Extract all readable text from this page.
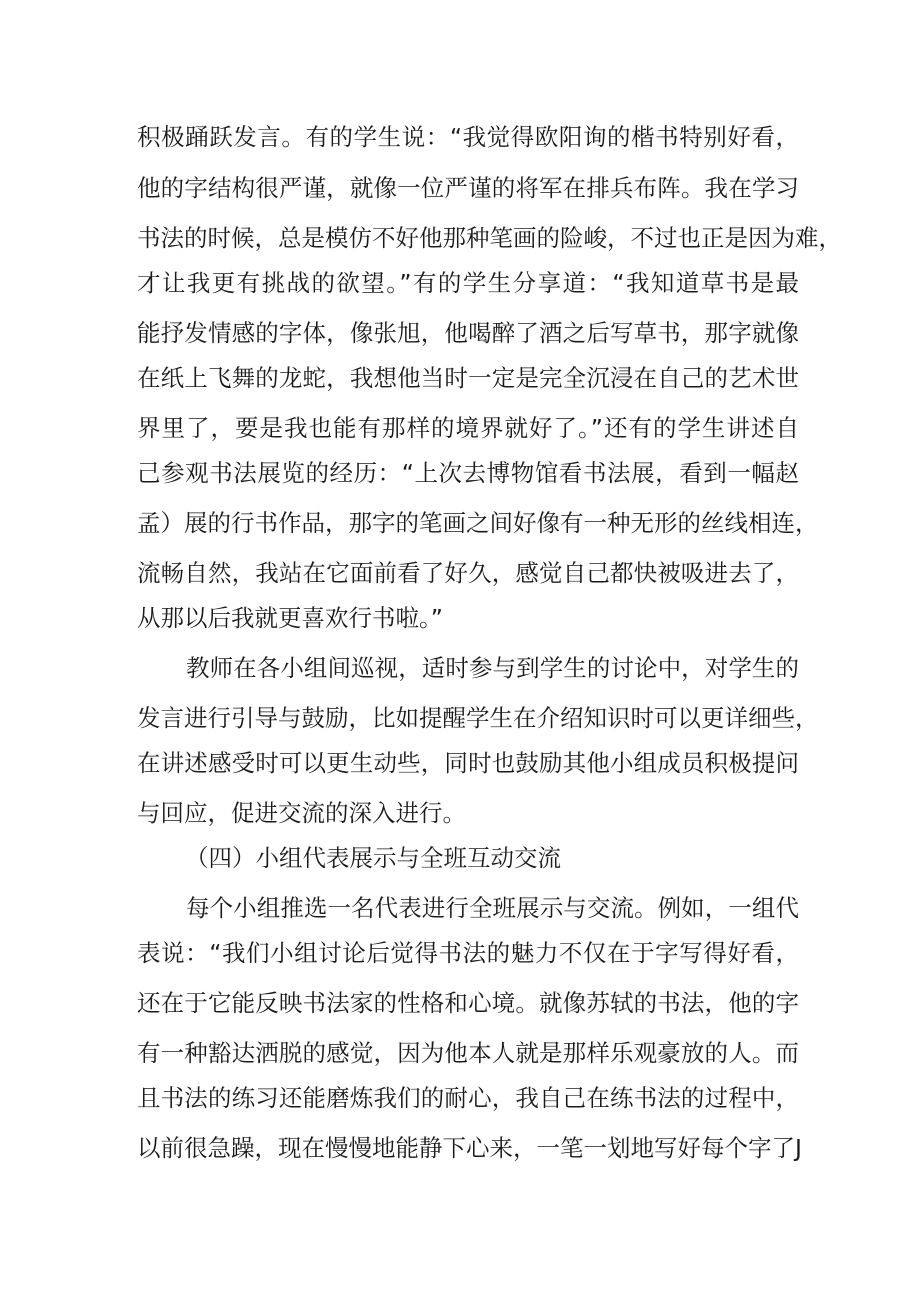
积极踊跃发言。有的学生说：“我觉得欧阳询的楷书特别好看，

他的字结构很严谨，就像一位严谨的将军在排兵布阵。我在学习

书法的时候，总是模仿不好他那种笔画的险峻，不过也正是因为难，

才让我更有挑战的欲望。”有的学生分享道：“我知道草书是最

能抒发情感的字体，像张旭，他喝醉了酒之后写草书，那字就像

在纸上飞舞的龙蛇，我想他当时一定是完全沉浸在自己的艺术世

界里了，要是我也能有那样的境界就好了。”还有的学生讲述自

己参观书法展览的经历：“上次去博物馆看书法展，看到一幅赵

孟）展的行书作品，那字的笔画之间好像有一种无形的丝线相连，

流畅自然，我站在它面前看了好久，感觉自己都快被吸进去了，

从那以后我就更喜欢行书啦。”

教师在各小组间巡视，适时参与到学生的讨论中，对学生的

发言进行引导与鼓励，比如提醒学生在介绍知识时可以更详细些，

在讲述感受时可以更生动些，同时也鼓励其他小组成员积极提问

与回应，促进交流的深入进行。

（四）小组代表展示与全班互动交流

每个小组推选一名代表进行全班展示与交流。例如，一组代

表说：“我们小组讨论后觉得书法的魅力不仅在于字写得好看，

还在于它能反映书法家的性格和心境。就像苏轼的书法，他的字

有一种豁达洒脱的感觉，因为他本人就是那样乐观豪放的人。而

且书法的练习还能磨炼我们的耐心，我自己在练书法的过程中，

以前很急躁，现在慢慢地能静下心来，一笔一划地写好每个字了J
